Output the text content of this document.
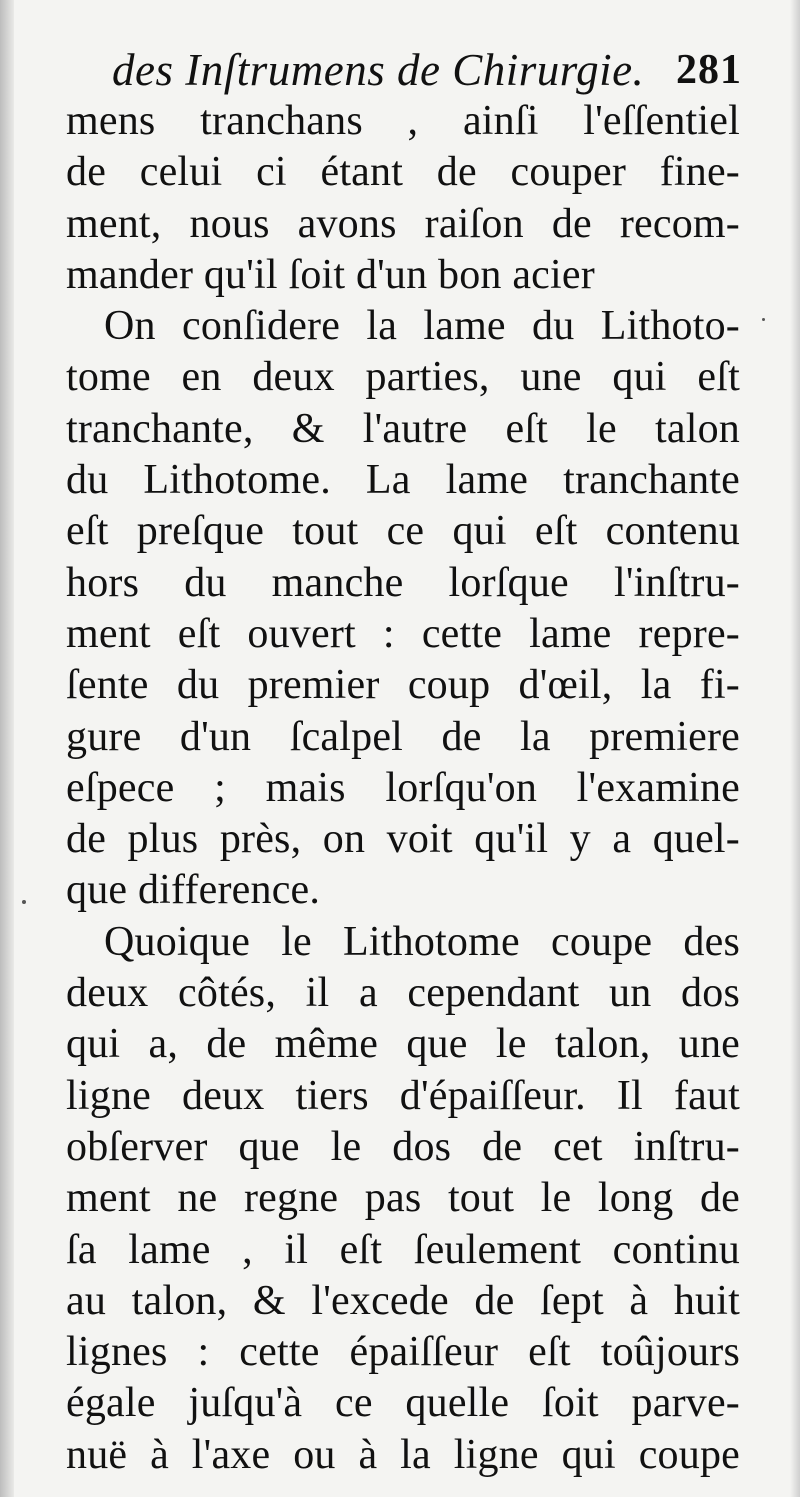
des Inſtrumens de Chirurgie. 281
mens tranchans , ainſi l'eſſentiel
de celui ci étant de couper fine-
ment, nous avons raiſon de recom-
mander qu'il ſoit d'un bon acier
On conſidere la lame du Lithoto-
tome en deux parties, une qui eſt
tranchante, & l'autre eſt le talon
du Lithotome. La lame tranchante
eſt preſque tout ce qui eſt contenu
hors du manche lorſque l'inſtru-
ment eſt ouvert : cette lame repre-
ſente du premier coup d'œil, la fi-
gure d'un ſcalpel de la premiere
eſpece ; mais lorſqu'on l'examine
de plus près, on voit qu'il y a quel-
que difference.
Quoique le Lithotome coupe des
deux côtés, il a cependant un dos
qui a, de même que le talon, une
ligne deux tiers d'épaiſſeur. Il faut
obſerver que le dos de cet inſtru-
ment ne regne pas tout le long de
ſa lame , il eſt ſeulement continu
au talon, & l'excede de ſept à huit
lignes : cette épaiſſeur eſt toûjours
égale juſqu'à ce quelle ſoit parve-
nuë à l'axe ou à la ligne qui coupe
